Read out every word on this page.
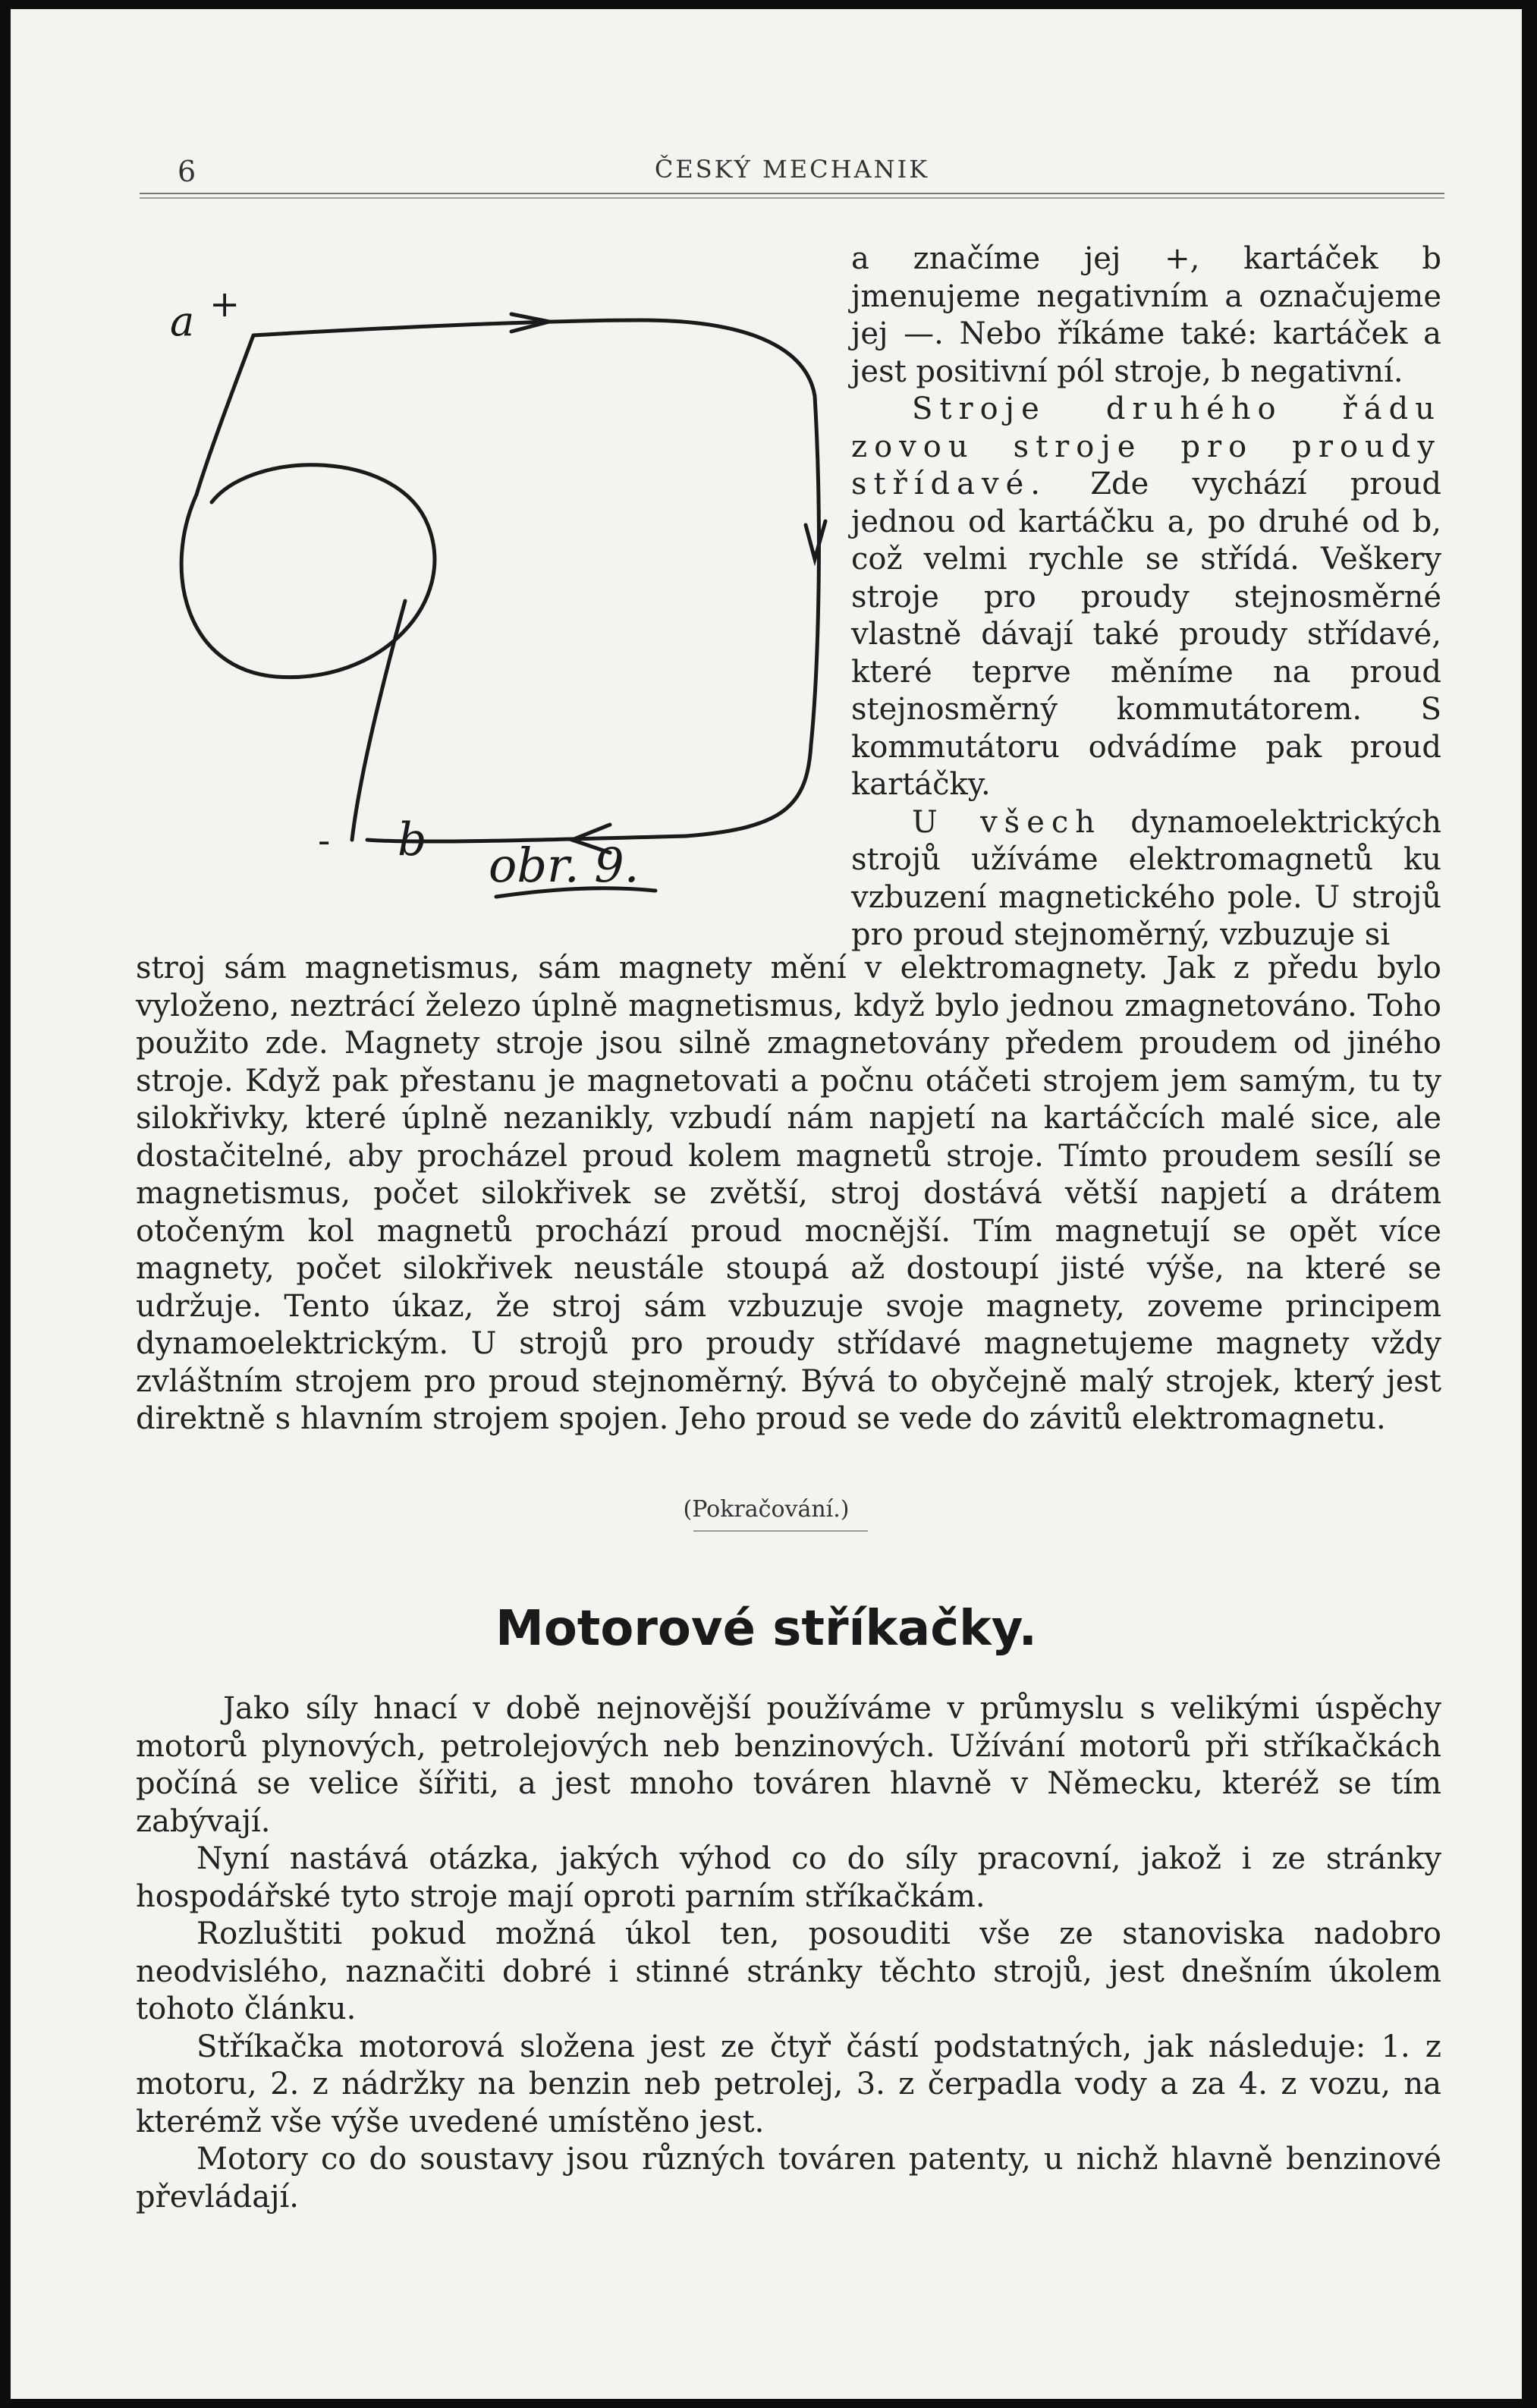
6	ČESKÝ MECHANIK
a +
- b obr. 9.

a značíme jej +, kartáček b jmenujeme negativním a označujeme jej —. Nebo říkáme také: kartáček a jest positivní pól stroje, b negativní.

Stroje druhého řádu zovou stroje pro proudy střídavé. Zde vychází proud jednou od kartáčku a, po druhé od b, což velmi rychle se střídá. Veškery stroje pro proudy stejnosměrné vlastně dávají také proudy střídavé, které teprve měníme na proud stejnosměrný kommutátorem. S kommutátoru odvádíme pak proud kartáčky.

U všech dynamoelektrických strojů užíváme elektromagnetů ku vzbuzení magnetického pole. U strojů pro proud stejnoměrný, vzbuzuje si

stroj sám magnetismus, sám magnety mění v elektromagnety. Jak z předu bylo vyloženo, neztrácí železo úplně magnetismus, když bylo jednou zmagnetováno. Toho použito zde. Magnety stroje jsou silně zmagnetovány předem proudem od jiného stroje. Když pak přestanu je magnetovati a počnu otáčeti strojem jem samým, tu ty silokřivky, které úplně nezanikly, vzbudí nám napjetí na kartáčcích malé sice, ale dostačitelné, aby procházel proud kolem magnetů stroje. Tímto proudem sesílí se magnetismus, počet silokřivek se zvětší, stroj dostává větší napjetí a drátem otočeným kol magnetů prochází proud mocnější. Tím magnetují se opět více magnety, počet silokřivek neustále stoupá až dostoupí jisté výše, na které se udržuje. Tento úkaz, že stroj sám vzbuzuje svoje magnety, zoveme principem dynamoelektrickým. U strojů pro proudy střídavé magnetujeme magnety vždy zvláštním strojem pro proud stejnoměrný. Bývá to obyčejně malý strojek, který jest direktně s hlavním strojem spojen. Jeho proud se vede do závitů elektromagnetu.

(Pokračování.)
Motorové stříkačky.

Jako síly hnací v době nejnovější používáme v průmyslu s velikými úspěchy motorů plynových, petrolejových neb benzinových. Užívání motorů při stříkačkách počíná se velice šířiti, a jest mnoho továren hlavně v Německu, kteréž se tím zabývají.

Nyní nastává otázka, jakých výhod co do síly pracovní, jakož i ze stránky hospodářské tyto stroje mají oproti parním stříkačkám.

Rozluštiti pokud možná úkol ten, posouditi vše ze stanoviska nadobro neodvislého, naznačiti dobré i stinné stránky těchto strojů, jest dnešním úkolem tohoto článku.

Stříkačka motorová složena jest ze čtyř částí podstatných, jak následuje: 1. z motoru, 2. z nádržky na benzin neb petrolej, 3. z čerpadla vody a za 4. z vozu, na kterémž vše výše uvedené umístěno jest.

Motory co do soustavy jsou různých továren patenty, u nichž hlavně benzinové převládají.
